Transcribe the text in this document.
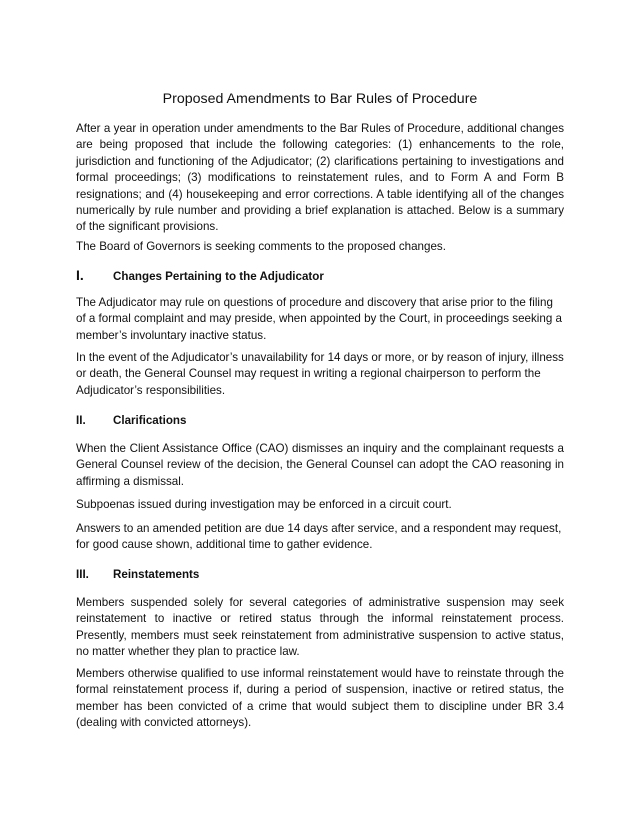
Proposed Amendments to Bar Rules of Procedure

After a year in operation under amendments to the Bar Rules of Procedure, additional changes are being proposed that include the following categories: (1) enhancements to the role, jurisdiction and functioning of the Adjudicator; (2) clarifications pertaining to investigations and formal proceedings; (3) modifications to reinstatement rules, and to Form A and Form B resignations; and (4) housekeeping and error corrections. A table identifying all of the changes numerically by rule number and providing a brief explanation is attached. Below is a summary of the significant provisions.

The Board of Governors is seeking comments to the proposed changes.

I.	Changes Pertaining to the Adjudicator

The Adjudicator may rule on questions of procedure and discovery that arise prior to the filing of a formal complaint and may preside, when appointed by the Court, in proceedings seeking a member’s involuntary inactive status.

In the event of the Adjudicator’s unavailability for 14 days or more, or by reason of injury, illness or death, the General Counsel may request in writing a regional chairperson to perform the Adjudicator’s responsibilities.

II. Clarifications

When the Client Assistance Office (CAO) dismisses an inquiry and the complainant requests a General Counsel review of the decision, the General Counsel can adopt the CAO reasoning in affirming a dismissal.

Subpoenas issued during investigation may be enforced in a circuit court.

Answers to an amended petition are due 14 days after service, and a respondent may request, for good cause shown, additional time to gather evidence.

III. Reinstatements

Members suspended solely for several categories of administrative suspension may seek reinstatement to inactive or retired status through the informal reinstatement process. Presently, members must seek reinstatement from administrative suspension to active status, no matter whether they plan to practice law.

Members otherwise qualified to use informal reinstatement would have to reinstate through the formal reinstatement process if, during a period of suspension, inactive or retired status, the member has been convicted of a crime that would subject them to discipline under BR 3.4 (dealing with convicted attorneys).
